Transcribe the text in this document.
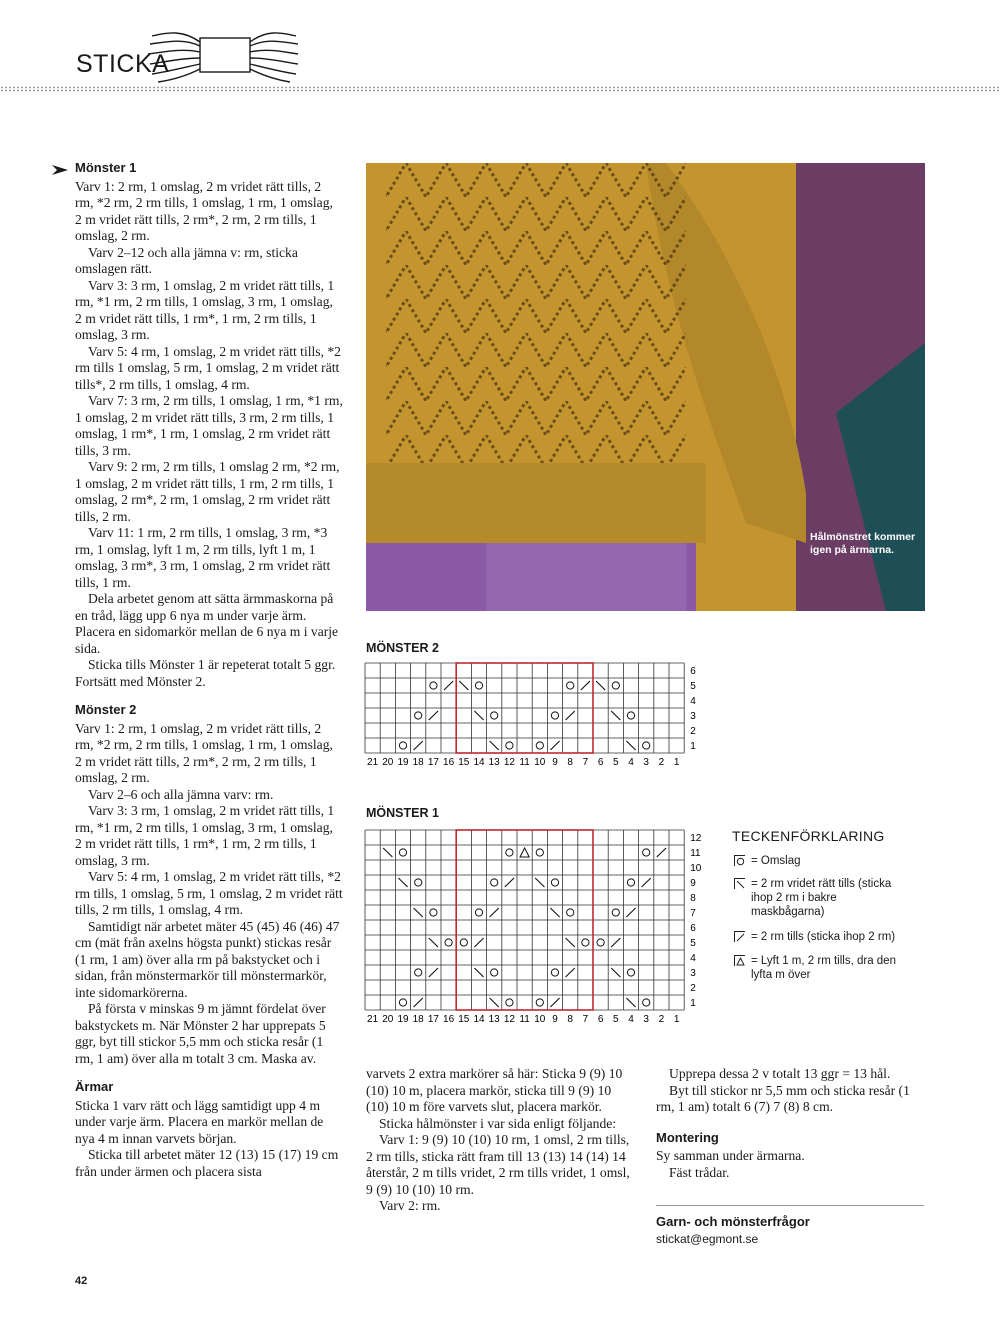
STICKA
Mönster 1

Varv 1: 2 rm, 1 omslag, 2 m vridet rätt tills, 2 rm, *2 rm, 2 rm tills, 1 omslag, 1 rm, 1 omslag, 2 m vridet rätt tills, 2 rm*, 2 rm, 2 rm tills, 1 omslag, 2 rm.

Varv 2–12 och alla jämna v: rm, sticka omslagen rätt.

Varv 3: 3 rm, 1 omslag, 2 m vridet rätt tills, 1 rm, *1 rm, 2 rm tills, 1 omslag, 3 rm, 1 omslag, 2 m vridet rätt tills, 1 rm*, 1 rm, 2 rm tills, 1 omslag, 3 rm.

Varv 5: 4 rm, 1 omslag, 2 m vridet rätt tills, *2 rm tills 1 omslag, 5 rm, 1 omslag, 2 m vridet rätt tills*, 2 rm tills, 1 omslag, 4 rm.

Varv 7: 3 rm, 2 rm tills, 1 omslag, 1 rm, *1 rm, 1 omslag, 2 m vridet rätt tills, 3 rm, 2 rm tills, 1 omslag, 1 rm*, 1 rm, 1 omslag, 2 rm vridet rätt tills, 3 rm.

Varv 9: 2 rm, 2 rm tills, 1 omslag 2 rm, *2 rm, 1 omslag, 2 m vridet rätt tills, 1 rm, 2 rm tills, 1 omslag, 2 rm*, 2 rm, 1 omslag, 2 rm vridet rätt tills, 2 rm.

Varv 11: 1 rm, 2 rm tills, 1 omslag, 3 rm, *3 rm, 1 omslag, lyft 1 m, 2 rm tills, lyft 1 m, 1 omslag, 3 rm*, 3 rm, 1 omslag, 2 rm vridet rätt tills, 1 rm.

Dela arbetet genom att sätta ärmmaskorna på en tråd, lägg upp 6 nya m under varje ärm. Placera en sidomarkör mellan de 6 nya m i varje sida.

Sticka tills Mönster 1 är repeterat totalt 5 ggr. Fortsätt med Mönster 2.

Mönster 2

Varv 1: 2 rm, 1 omslag, 2 m vridet rätt tills, 2 rm, *2 rm, 2 rm tills, 1 omslag, 1 rm, 1 omslag, 2 m vridet rätt tills, 2 rm*, 2 rm, 2 rm tills, 1 omslag, 2 rm.

Varv 2–6 och alla jämna varv: rm.

Varv 3: 3 rm, 1 omslag, 2 m vridet rätt tills, 1 rm, *1 rm, 2 rm tills, 1 omslag, 3 rm, 1 omslag, 2 m vridet rätt tills, 1 rm*, 1 rm, 2 rm tills, 1 omslag, 3 rm.

Varv 5: 4 rm, 1 omslag, 2 m vridet rätt tills, *2 rm tills, 1 omslag, 5 rm, 1 omslag, 2 m vridet rätt tills, 2 rm tills, 1 omslag, 4 rm.

Samtidigt när arbetet mäter 45 (45) 46 (46) 47 cm (mät från axelns högsta punkt) stickas resår (1 rm, 1 am) över alla rm på bakstycket och i sidan, från mönstermarkör till mönstermarkör, inte sidomarkörerna.

På första v minskas 9 m jämnt fördelat över bakstyckets m. När Mönster 2 har upprepats 5 ggr, byt till stickor 5,5 mm och sticka resår (1 rm, 1 am) över alla m totalt 3 cm. Maska av.

Ärmar

Sticka 1 varv rätt och lägg samtidigt upp 4 m under varje ärm. Placera en markör mellan de nya 4 m innan varvets början.

Sticka till arbetet mäter 12 (13) 15 (17) 19 cm från under ärmen och placera sista

Hålmönstret kommer igen på ärmarna.
MÖNSTER 2
MÖNSTER 1
21 20 19 18 17 16 15 14 13 12 11 10 9 8 7 6 5 4 3 2 1
6
5
4
3
2
1
21 20 19 18 17 16 15 14 13 12 11 10 9 8 7 6 5 4 3 2 1
12
11
10
9
8
7
6
5
4
3
2
1
TECKENFÖRKLARING
= Omslag
= 2 rm vridet rätt tills (sticka ihop 2 rm i bakre maskbågarna)
= 2 rm tills (sticka ihop 2 rm)
= Lyft 1 m, 2 rm tills, dra den lyfta m över

varvets 2 extra markörer så här: Sticka 9 (9) 10 (10) 10 m, placera markör, sticka till 9 (9) 10 (10) 10 m före varvets slut, placera markör.

Sticka hålmönster i var sida enligt följande:

Varv 1: 9 (9) 10 (10) 10 rm, 1 omsl, 2 rm tills, 2 rm tills, sticka rätt fram till 13 (13) 14 (14) 14 återstår, 2 m tills vridet, 2 rm tills vridet, 1 omsl, 9 (9) 10 (10) 10 rm.

Varv 2: rm.

Upprepa dessa 2 v totalt 13 ggr = 13 hål.

Byt till stickor nr 5,5 mm och sticka resår (1 rm, 1 am) totalt 6 (7) 7 (8) 8 cm.

Montering

Sy samman under ärmarna.

Fäst trådar.

Garn- och mönsterfrågor
stickat@egmont.se
42
